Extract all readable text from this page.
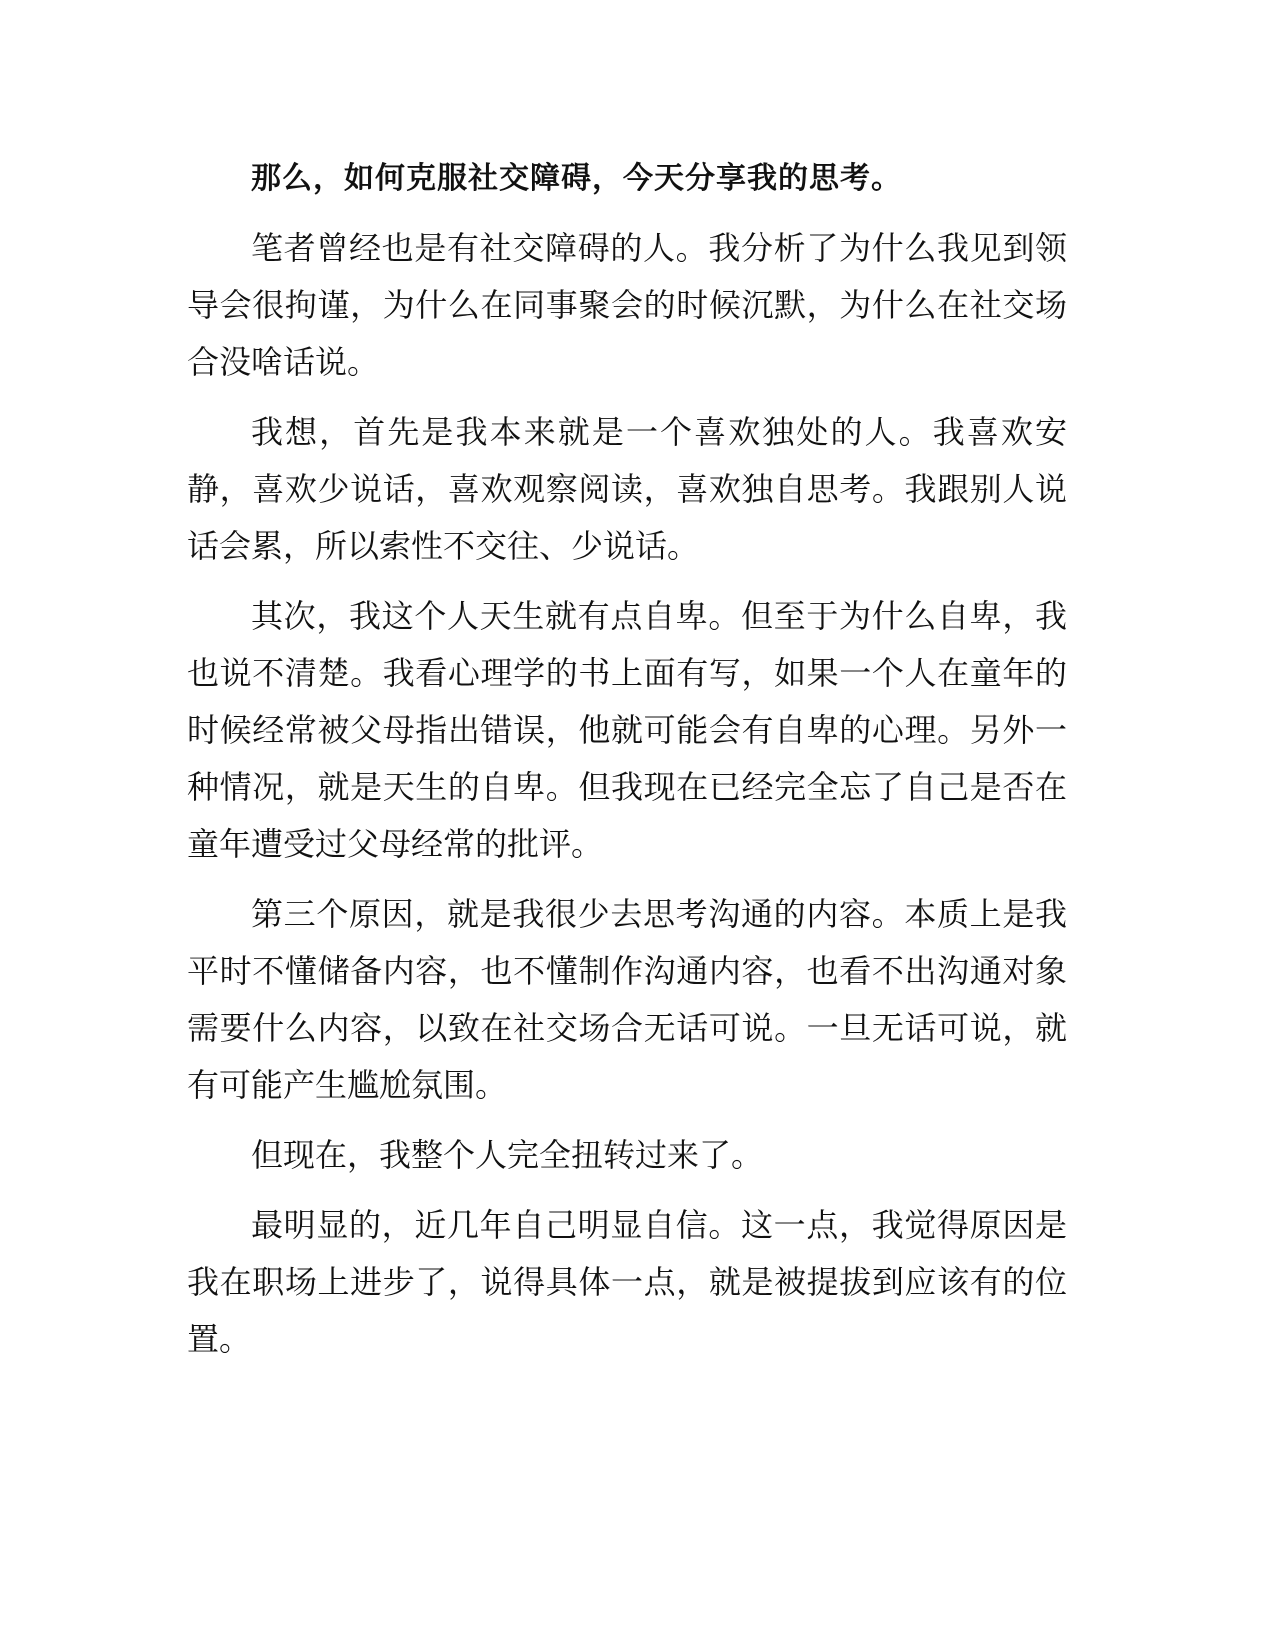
那么，如何克服社交障碍，今天分享我的思考。

笔者曾经也是有社交障碍的人。我分析了为什么我见到领导会很拘谨，为什么在同事聚会的时候沉默，为什么在社交场合没啥话说。

我想，首先是我本来就是一个喜欢独处的人。我喜欢安静，喜欢少说话，喜欢观察阅读，喜欢独自思考。我跟别人说话会累，所以索性不交往、少说话。

其次，我这个人天生就有点自卑。但至于为什么自卑，我也说不清楚。我看心理学的书上面有写，如果一个人在童年的时候经常被父母指出错误，他就可能会有自卑的心理。另外一种情况，就是天生的自卑。但我现在已经完全忘了自己是否在童年遭受过父母经常的批评。

第三个原因，就是我很少去思考沟通的内容。本质上是我平时不懂储备内容，也不懂制作沟通内容，也看不出沟通对象需要什么内容，以致在社交场合无话可说。一旦无话可说，就有可能产生尴尬氛围。

但现在，我整个人完全扭转过来了。

最明显的，近几年自己明显自信。这一点，我觉得原因是我在职场上进步了，说得具体一点，就是被提拔到应该有的位置。
